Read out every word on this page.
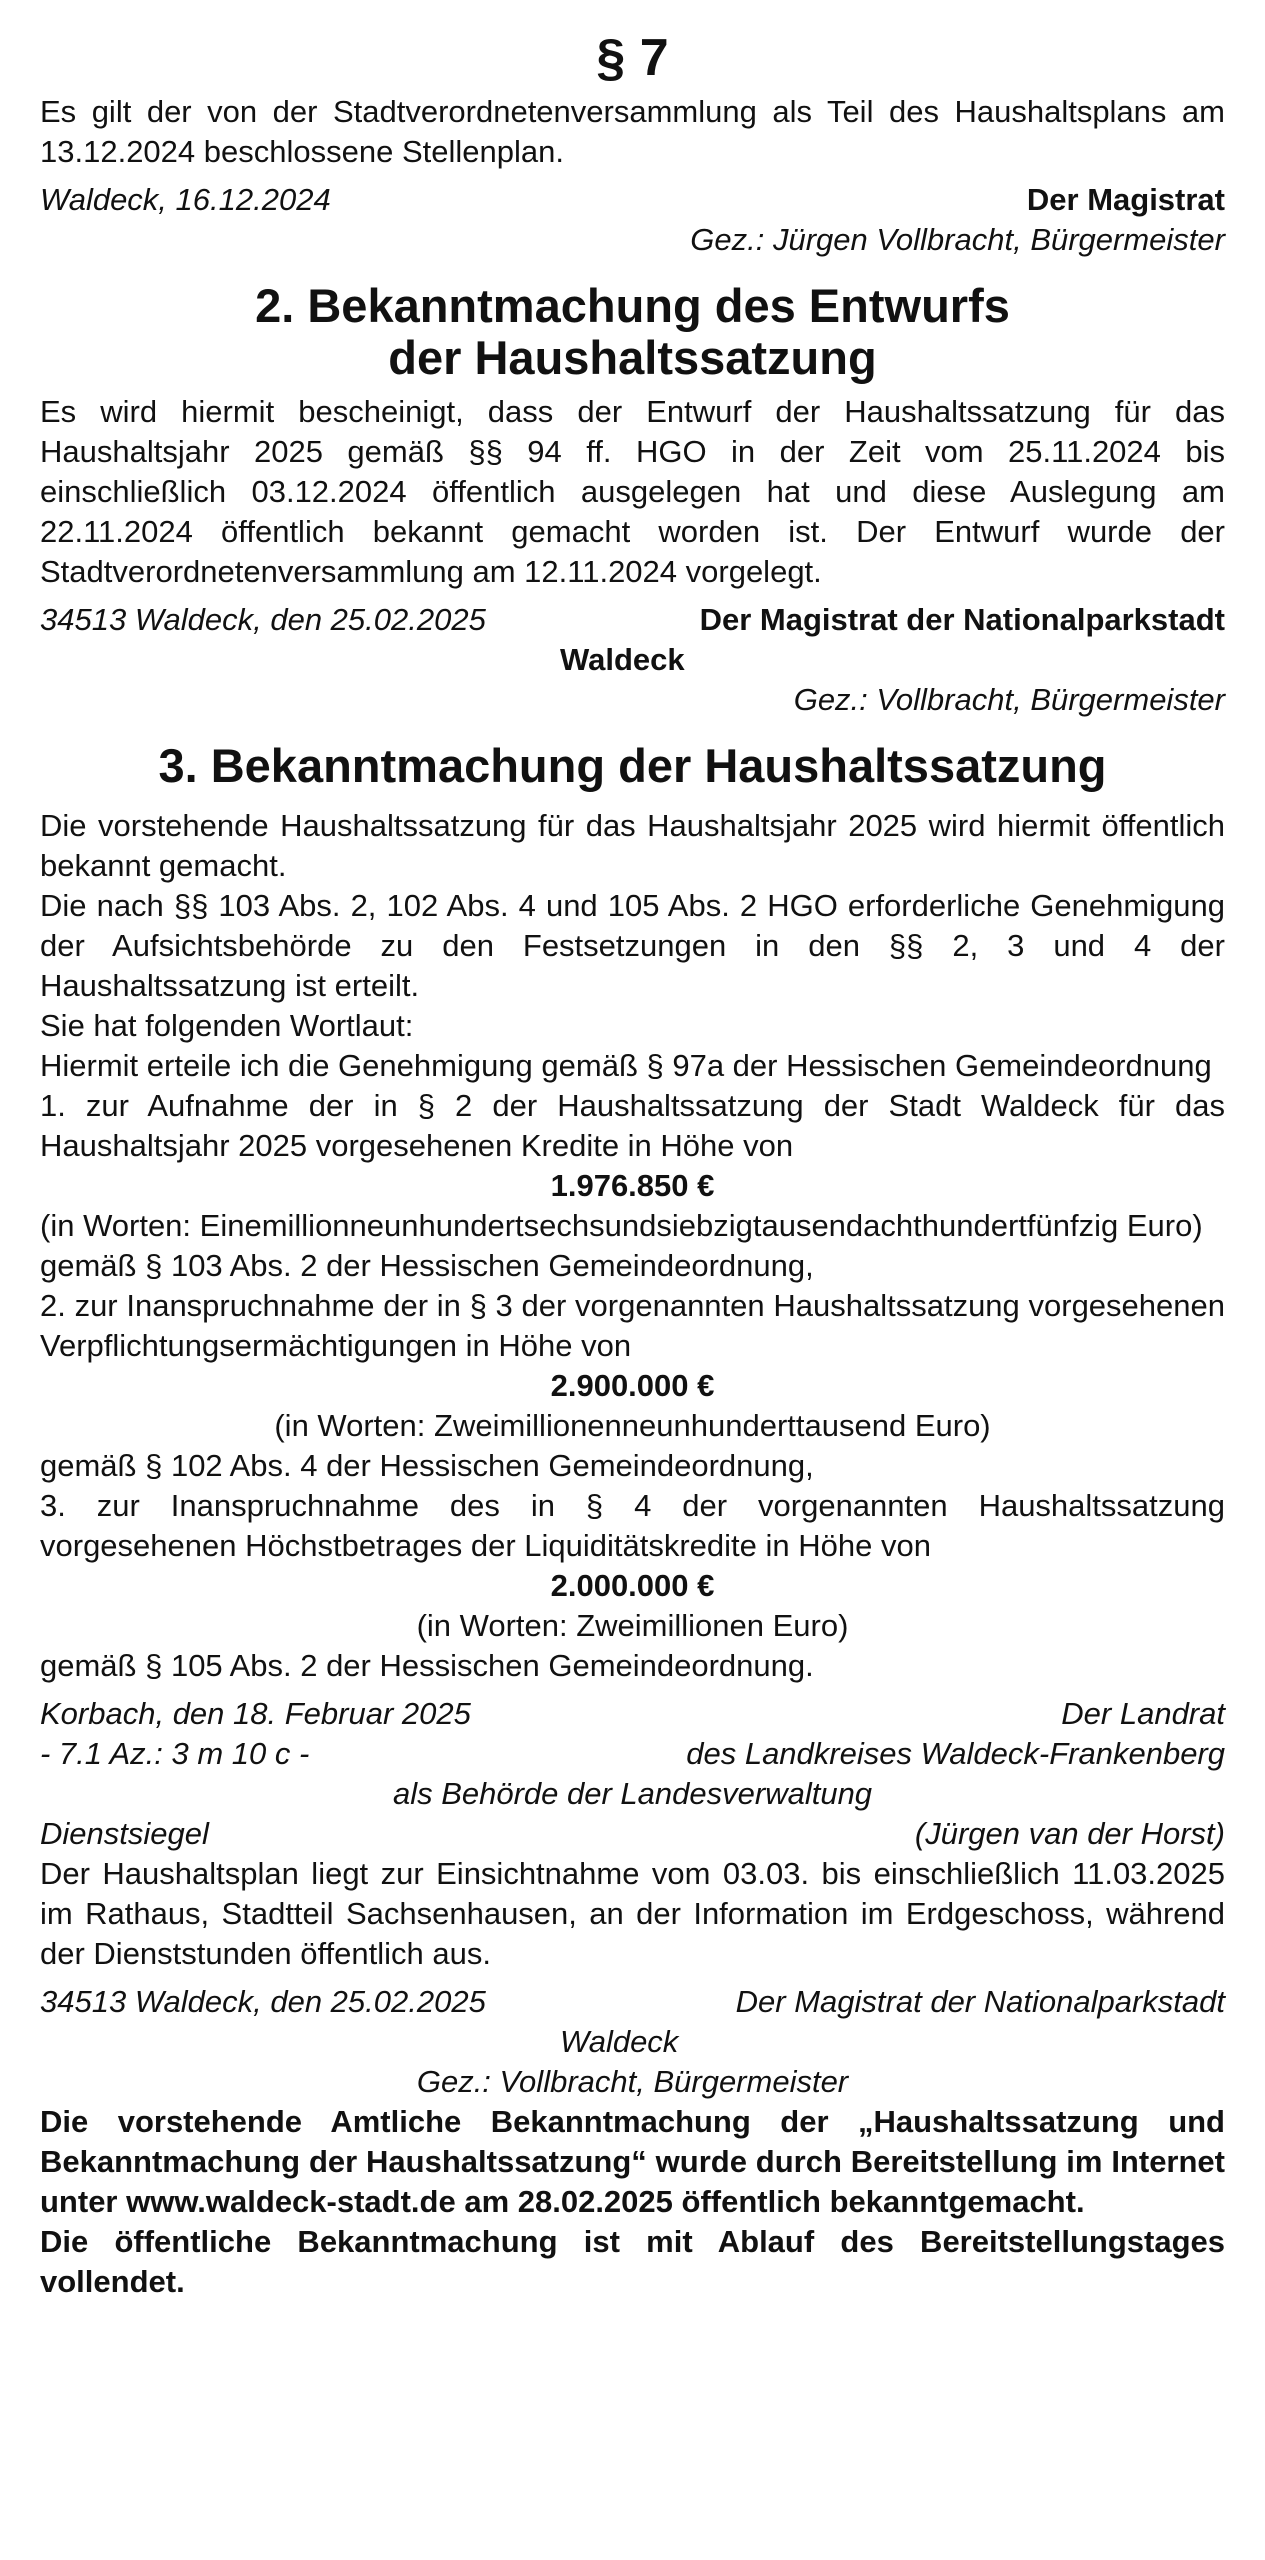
§ 7

Es gilt der von der Stadtverordnetenversammlung als Teil des Haushaltsplans am 13.12.2024 beschlossene Stellenplan.

Waldeck, 16.12.2024	Der Magistrat
Gez.: Jürgen Vollbracht, Bürgermeister
2. Bekanntmachung des Entwurfs
der Haushaltssatzung

Es wird hiermit bescheinigt, dass der Entwurf der Haushaltssatzung für das Haushaltsjahr 2025 gemäß §§ 94 ff. HGO in der Zeit vom 25.11.2024 bis einschließlich 03.12.2024 öffentlich ausgelegen hat und diese Auslegung am 22.11.2024 öffentlich bekannt gemacht worden ist. Der Entwurf wurde der Stadtverordnetenversammlung am 12.11.2024 vorgelegt.

34513 Waldeck, den 25.02.2025	Der Magistrat der Nationalparkstadt
Waldeck
Gez.: Vollbracht, Bürgermeister
3. Bekanntmachung der Haushaltssatzung

Die vorstehende Haushaltssatzung für das Haushaltsjahr 2025 wird hiermit öffentlich bekannt gemacht.

Die nach §§ 103 Abs. 2, 102 Abs. 4 und 105 Abs. 2 HGO erforderliche Genehmigung der Aufsichtsbehörde zu den Festsetzungen in den §§ 2, 3 und 4 der Haushaltssatzung ist erteilt.

Sie hat folgenden Wortlaut:

Hiermit erteile ich die Genehmigung gemäß § 97a der Hessischen Gemeindeordnung

1. zur Aufnahme der in § 2 der Haushaltssatzung der Stadt Waldeck für das Haushaltsjahr 2025 vorgesehenen Kredite in Höhe von

1.976.850 €

(in Worten: Einemillionneunhundertsechsundsiebzigtausendachthundertfünfzig Euro)

gemäß § 103 Abs. 2 der Hessischen Gemeindeordnung,

2. zur Inanspruchnahme der in § 3 der vorgenannten Haushaltssatzung vorgesehenen Verpflichtungsermächtigungen in Höhe von

2.900.000 €
(in Worten: Zweimillionenneunhunderttausend Euro)

gemäß § 102 Abs. 4 der Hessischen Gemeindeordnung,

3. zur Inanspruchnahme des in § 4 der vorgenannten Haushaltssatzung vorgesehenen Höchstbetrages der Liquiditätskredite in Höhe von

2.000.000 €
(in Worten: Zweimillionen Euro)

gemäß § 105 Abs. 2 der Hessischen Gemeindeordnung.

Korbach, den 18. Februar 2025	Der Landrat
- 7.1 Az.: 3 m 10 c -	des Landkreises Waldeck-Frankenberg
als Behörde der Landesverwaltung
Dienstsiegel	(Jürgen van der Horst)

Der Haushaltsplan liegt zur Einsichtnahme vom 03.03. bis einschließlich 11.03.2025 im Rathaus, Stadtteil Sachsenhausen, an der Information im Erdgeschoss, während der Dienststunden öffentlich aus.

34513 Waldeck, den 25.02.2025	Der Magistrat der Nationalparkstadt
Waldeck
Gez.: Vollbracht, Bürgermeister

Die vorstehende Amtliche Bekanntmachung der „Haushaltssatzung und Bekanntmachung der Haushaltssatzung“ wurde durch Bereitstellung im Internet unter www.waldeck-stadt.de am 28.02.2025 öffentlich bekanntgemacht.

Die öffentliche Bekanntmachung ist mit Ablauf des Bereitstellungstages vollendet.
